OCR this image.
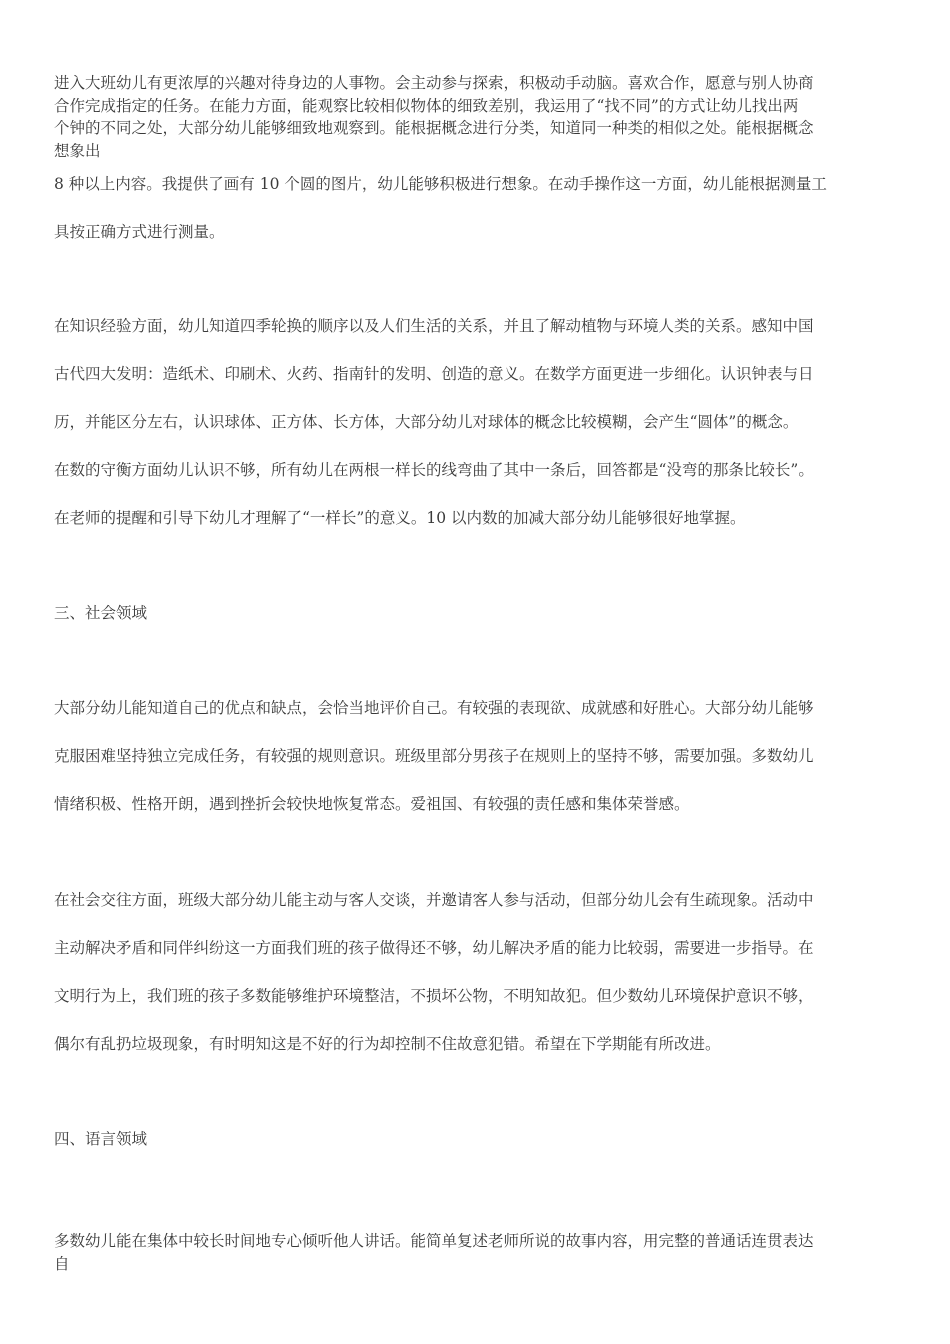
进入大班幼儿有更浓厚的兴趣对待身边的人事物。会主动参与探索，积极动手动脑。喜欢合作，愿意与别人协商
合作完成指定的任务。在能力方面，能观察比较相似物体的细致差别，我运用了“找不同”的方式让幼儿找出两
个钟的不同之处，大部分幼儿能够细致地观察到。能根据概念进行分类，知道同一种类的相似之处。能根据概念
想象出
8 种以上内容。我提供了画有 10 个圆的图片，幼儿能够积极进行想象。在动手操作这一方面，幼儿能根据测量工
具按正确方式进行测量。
在知识经验方面，幼儿知道四季轮换的顺序以及人们生活的关系，并且了解动植物与环境人类的关系。感知中国
古代四大发明：造纸术、印刷术、火药、指南针的发明、创造的意义。在数学方面更进一步细化。认识钟表与日
历，并能区分左右，认识球体、正方体、长方体，大部分幼儿对球体的概念比较模糊，会产生“圆体”的概念。
在数的守衡方面幼儿认识不够，所有幼儿在两根一样长的线弯曲了其中一条后，回答都是“没弯的那条比较长”。
在老师的提醒和引导下幼儿才理解了“一样长”的意义。10 以内数的加减大部分幼儿能够很好地掌握。
三、社会领域
大部分幼儿能知道自己的优点和缺点，会恰当地评价自己。有较强的表现欲、成就感和好胜心。大部分幼儿能够
克服困难坚持独立完成任务，有较强的规则意识。班级里部分男孩子在规则上的坚持不够，需要加强。多数幼儿
情绪积极、性格开朗，遇到挫折会较快地恢复常态。爱祖国、有较强的责任感和集体荣誉感。
在社会交往方面，班级大部分幼儿能主动与客人交谈，并邀请客人参与活动，但部分幼儿会有生疏现象。活动中
主动解决矛盾和同伴纠纷这一方面我们班的孩子做得还不够，幼儿解决矛盾的能力比较弱，需要进一步指导。在
文明行为上，我们班的孩子多数能够维护环境整洁，不损坏公物，不明知故犯。但少数幼儿环境保护意识不够，
偶尔有乱扔垃圾现象，有时明知这是不好的行为却控制不住故意犯错。希望在下学期能有所改进。
四、语言领域
多数幼儿能在集体中较长时间地专心倾听他人讲话。能简单复述老师所说的故事内容，用完整的普通话连贯表达
自
